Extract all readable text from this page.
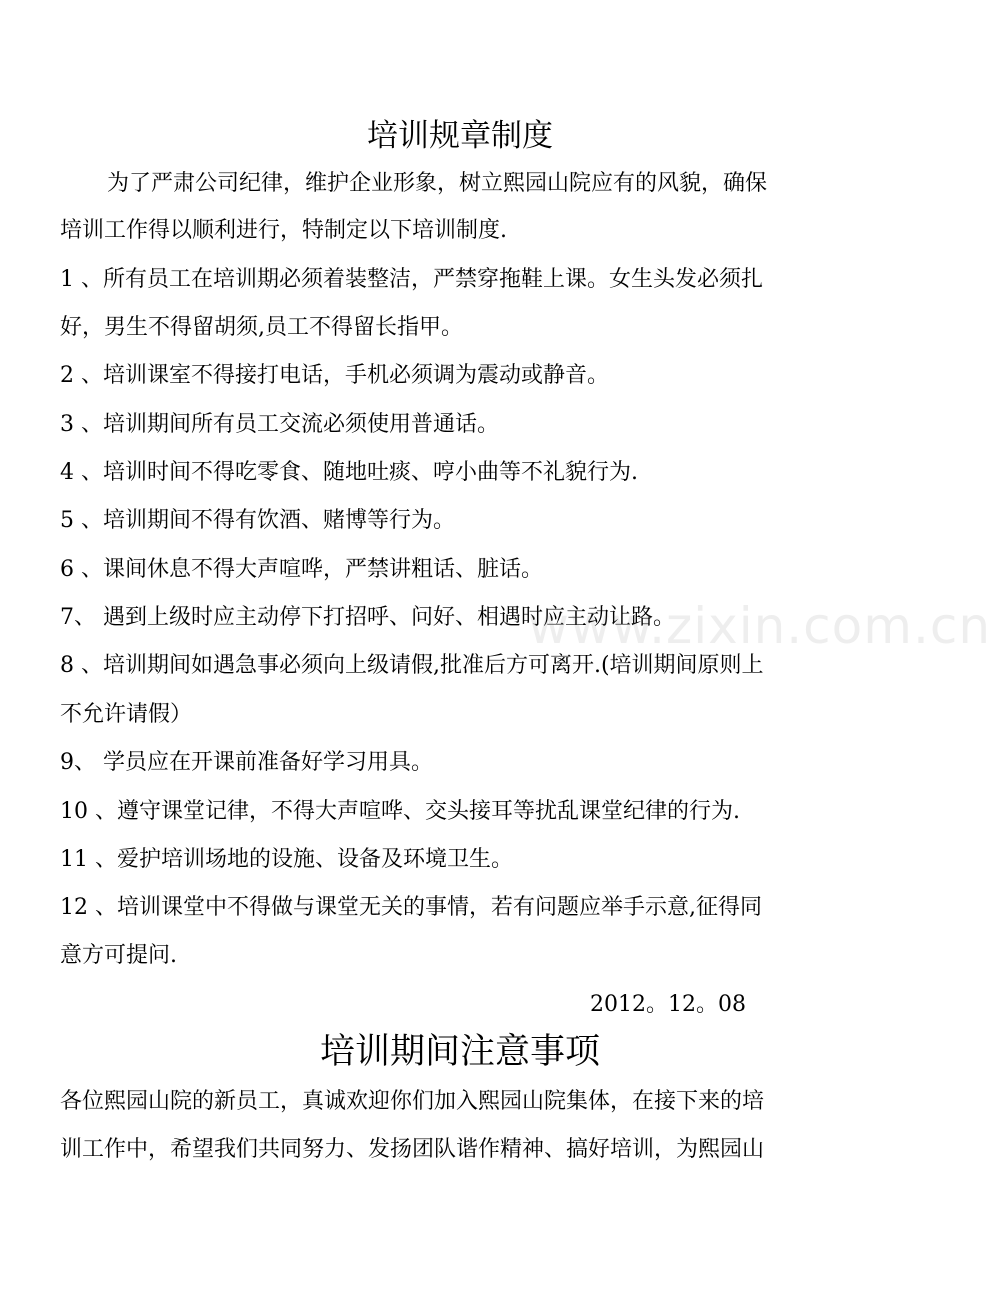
培训规章制度
为了严肃公司纪律，维护企业形象，树立熙园山院应有的风貌，确保
培训工作得以顺利进行，特制定以下培训制度.
1 、所有员工在培训期必须着装整洁，严禁穿拖鞋上课。女生头发必须扎
好，男生不得留胡须,员工不得留长指甲。
2 、培训课室不得接打电话，手机必须调为震动或静音。
3 、培训期间所有员工交流必须使用普通话。
4 、培训时间不得吃零食、随地吐痰、哼小曲等不礼貌行为.
5 、培训期间不得有饮酒、赌博等行为。
6 、课间休息不得大声喧哗，严禁讲粗话、脏话。
7、 遇到上级时应主动停下打招呼、问好、相遇时应主动让路。
8 、培训期间如遇急事必须向上级请假,批准后方可离开.(培训期间原则上
不允许请假）
9、 学员应在开课前准备好学习用具。
10 、遵守课堂记律，不得大声喧哗、交头接耳等扰乱课堂纪律的行为.
11 、爱护培训场地的设施、设备及环境卫生。
12 、培训课堂中不得做与课堂无关的事情，若有问题应举手示意,征得同
意方可提问.
2012。12。08
培训期间注意事项
各位熙园山院的新员工，真诚欢迎你们加入熙园山院集体，在接下来的培
训工作中，希望我们共同努力、发扬团队谐作精神、搞好培训，为熙园山
www.zixin.com.cn
